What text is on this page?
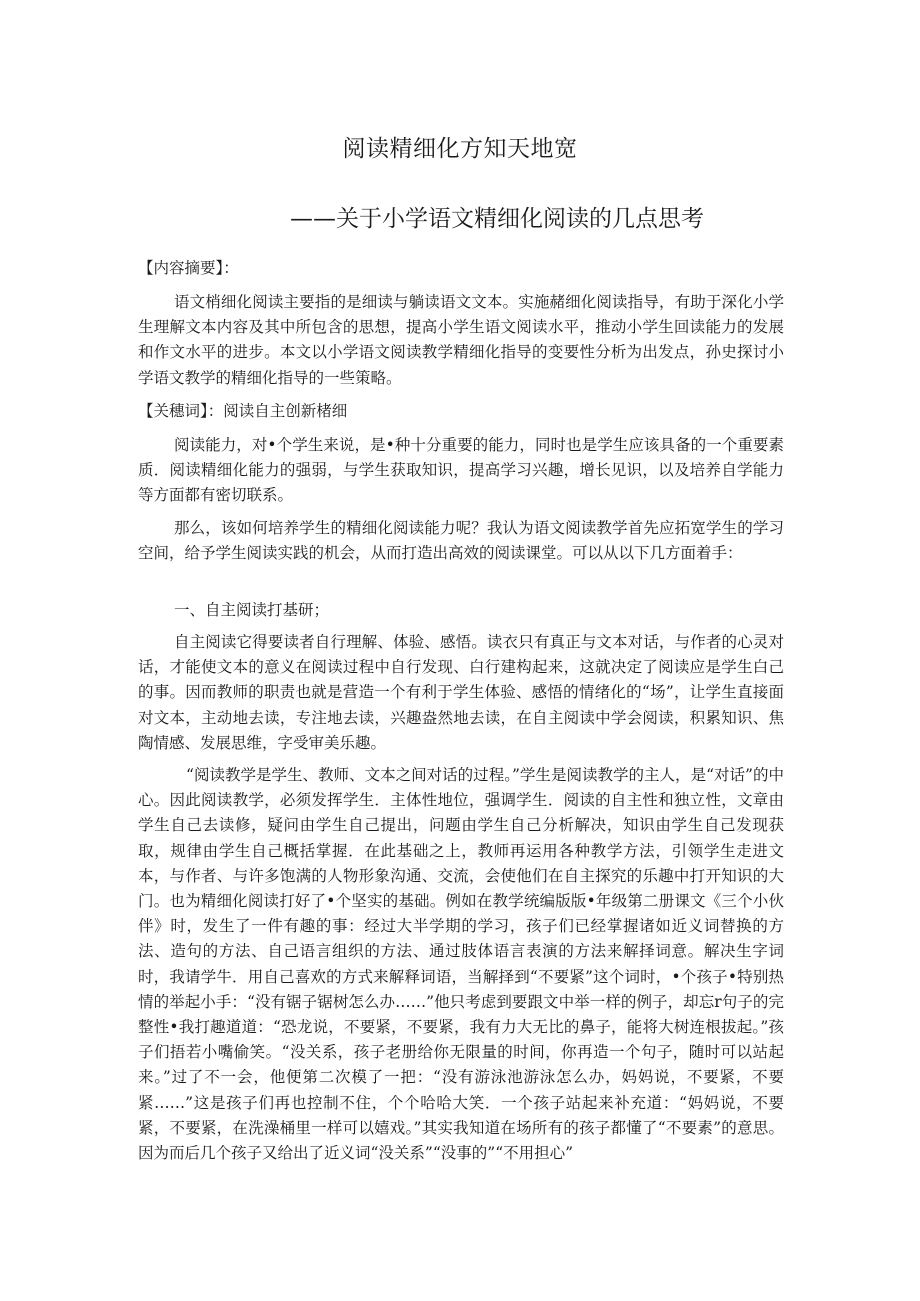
阅读精细化方知天地宽
——关于小学语文精细化阅读的几点思考
【内容摘要】：

语文梢细化阅读主要指的是细读与躺读语文文本。实施赭细化阅读指导，有助于深化小学生理解文本内容及其中所包含的思想，提高小学生语文阅读水平，推动小学生回读能力的发展和作文水平的进步。本文以小学语文阅读教学精细化指导的变要性分析为出发点，孙史探讨小学语文教学的精细化指导的一些策略。

【关穗词】：阅读自主创新楮细

阅读能力，对•个学生来说，是•种十分重要的能力，同时也是学生应该具备的一个重要素质．阅读精细化能力的强弱，与学生获取知识，提高学习兴趣，增长见识，以及培养自学能力等方面都有密切联系。

那么，该如何培养学生的精细化阅读能力呢？我认为语文阅读教学首先应拓宽学生的学习空间，给予学生阅读实践的机会，从而打造出高效的阅读课堂。可以从以下几方面着手：

一、自主阅读打基研；

自主阅读它得要读者自行理解、体验、感悟。读衣只有真正与文本对话，与作者的心灵对话，才能使文本的意义在阅读过程中自行发现、白行建构起来，这就决定了阅读应是学生白己的事。因而教师的职责也就是营造一个有利于学生体验、感悟的情绪化的“场”，让学生直接面对文本，主动地去读，专注地去读，兴趣盎然地去读，在自主阅读中学会阅读，积累知识、焦陶情感、发展思维，字受审美乐趣。

“阅读教学是学生、教师、文本之间对话的过程。”学生是阅读教学的主人，是“对话”的中心。因此阅读教学，必须发挥学生．主体性地位，强调学生．阅读的自主性和独立性，文章由学生自己去读修，疑问由学生自己提出，问题由学生自己分析解决，知识由学生自己发现获取，规律由学生自己概括掌握．在此基础之上，教师再运用各种教学方法，引领学生走进文本，与作者、与许多饱满的人物形象沟通、交流，会使他们在自主探究的乐趣中打开知识的大门。也为精细化阅读打好了•个坚实的基础。例如在教学统编版版•年级第二册课文《三个小伙伴》时，发生了一件有趣的事：经过大半学期的学习，孩子们已经掌握诸如近义词替换的方法、造句的方法、自己语言组织的方法、通过肢体语言表演的方法来解择词意。解决生字词时，我请学牛．用自己喜欢的方式来解释词语，当解择到“不要紧”这个词时，•个孩子•特别热情的举起小手：“没有锯子锯树怎么办……”他只考虑到要跟文中举一样的例子，却忘r句子的完整性•我打趣道道：“恐龙说，不要紧，不要紧，我有力大无比的鼻子，能将大树连根拔起。”孩子们捂若小嘴偷笑。“没关系，孩子老册给你无限量的时间，你再造一个句子，随时可以站起来。”过了不一会，他便第二次模了一把：“没有游泳池游泳怎么办，妈妈说，不要紧，不要紧……”这是孩子们再也控制不住，个个哈哈大笑．一个孩子站起来补充道：“妈妈说，不要紧，不要紧，在洗澡桶里一样可以嬉戏。”其实我知道在场所有的孩子都懂了“不要素”的意思。因为而后几个孩子又给出了近义词“没关系”“没事的”“不用担心”
